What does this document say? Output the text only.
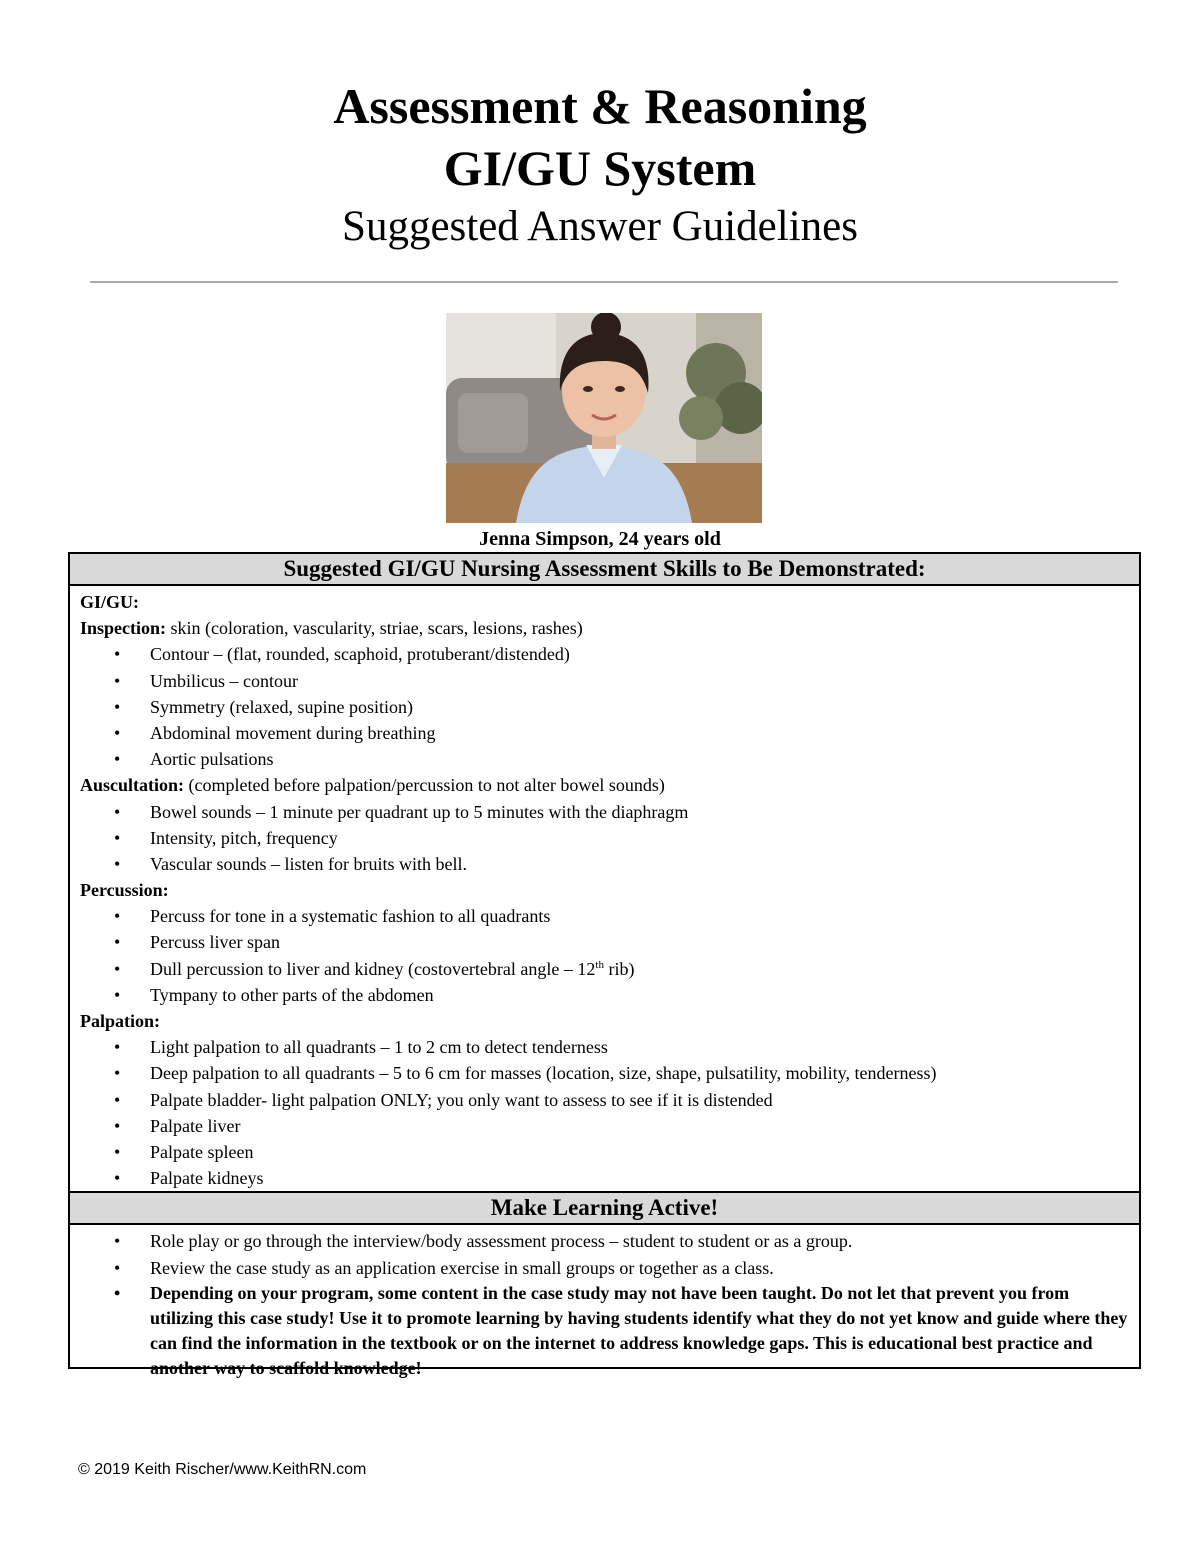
Assessment & Reasoning
GI/GU System
Suggested Answer Guidelines
Jenna Simpson, 24 years old
Suggested GI/GU Nursing Assessment Skills to Be Demonstrated:
GI/GU:
Inspection: skin (coloration, vascularity, striae, scars, lesions, rashes)
• Contour – (flat, rounded, scaphoid, protuberant/distended)
• Umbilicus – contour
• Symmetry (relaxed, supine position)
• Abdominal movement during breathing
• Aortic pulsations
Auscultation: (completed before palpation/percussion to not alter bowel sounds)
• Bowel sounds – 1 minute per quadrant up to 5 minutes with the diaphragm
• Intensity, pitch, frequency
• Vascular sounds – listen for bruits with bell.
Percussion:
• Percuss for tone in a systematic fashion to all quadrants
• Percuss liver span
• Dull percussion to liver and kidney (costovertebral angle – 12th rib)
• Tympany to other parts of the abdomen
Palpation:
• Light palpation to all quadrants – 1 to 2 cm to detect tenderness
• Deep palpation to all quadrants – 5 to 6 cm for masses (location, size, shape, pulsatility, mobility, tenderness)
• Palpate bladder- light palpation ONLY; you only want to assess to see if it is distended
• Palpate liver
• Palpate spleen
• Palpate kidneys
Make Learning Active!
• Role play or go through the interview/body assessment process – student to student or as a group.
• Review the case study as an application exercise in small groups or together as a class.
• Depending on your program, some content in the case study may not have been taught. Do not let that prevent you from utilizing this case study! Use it to promote learning by having students identify what they do not yet know and guide where they can find the information in the textbook or on the internet to address knowledge gaps. This is educational best practice and another way to scaffold knowledge!
© 2019 Keith Rischer/www.KeithRN.com
